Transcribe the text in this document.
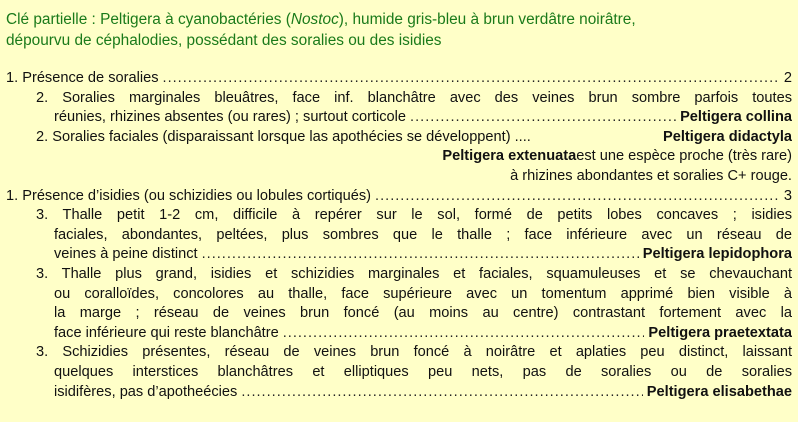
Clé partielle : Peltigera à cyanobactéries (Nostoc), humide gris-bleu à brun verdâtre noirâtre,
dépourvu de céphalodies, possédant des soralies ou des isidies
1. Présence de soralies .....	2
2. Soralies marginales bleuâtres, face inf. blanchâtre avec des veines brun sombre parfois toutes
réunies, rhizines absentes (ou rares) ; surtout corticole .....	Peltigera collina
2. Soralies faciales (disparaissant lorsque las apothécies se développent) ....	Peltigera didactyla
Peltigera extenuata est une espèce proche (très rare)
à rhizines abondantes et soralies C+ rouge.
1. Présence d’isidies (ou schizidies ou lobules cortiqués) .....	3
3. Thalle petit 1-2 cm, difficile à repérer sur le sol, formé de petits lobes concaves ; isidies
faciales, abondantes, peltées, plus sombres que le thalle ; face inférieure avec un réseau de
veines à peine distinct .....	Peltigera lepidophora
3. Thalle plus grand, isidies et schizidies marginales et faciales, squamuleuses et se chevauchant
ou coralloïdes, concolores au thalle, face supérieure avec un tomentum apprimé bien visible à
la marge ; réseau de veines brun foncé (au moins au centre) contrastant fortement avec la
face inférieure qui reste blanchâtre .....	Peltigera praetextata
3. Schizidies présentes, réseau de veines brun foncé à noirâtre et aplaties peu distinct, laissant
quelques interstices blanchâtres et elliptiques peu nets, pas de soralies ou de soralies
isidifères, pas d’apotheécies .....	Peltigera elisabethae
